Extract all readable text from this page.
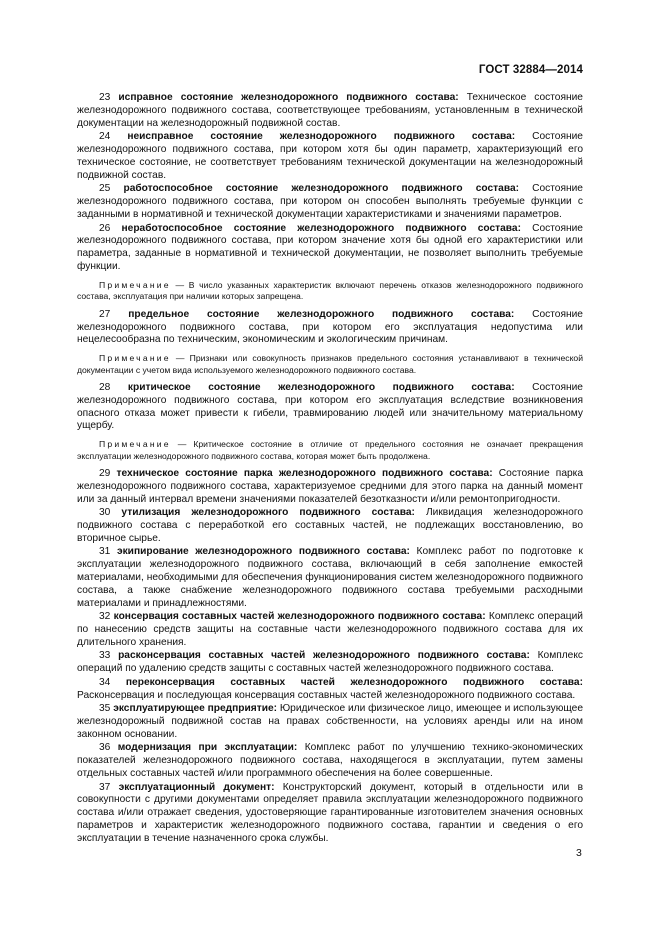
ГОСТ 32884—2014

23 исправное состояние железнодорожного подвижного состава: Техническое состояние железнодорожного подвижного состава, соответствующее требованиям, установленным в технической документации на железнодорожный подвижной состав.

24 неисправное состояние железнодорожного подвижного состава: Состояние железнодорожного подвижного состава, при котором хотя бы один параметр, характеризующий его техническое состояние, не соответствует требованиям технической документации на железнодорожный подвижной состав.

25 работоспособное состояние железнодорожного подвижного состава: Состояние железнодорожного подвижного состава, при котором он способен выполнять требуемые функции с заданными в нормативной и технической документации характеристиками и значениями параметров.

26 неработоспособное состояние железнодорожного подвижного состава: Состояние железнодорожного подвижного состава, при котором значение хотя бы одной его характеристики или параметра, заданные в нормативной и технической документации, не позволяет выполнить требуемые функции.

Примечание — В число указанных характеристик включают перечень отказов железнодорожного подвижного состава, эксплуатация при наличии которых запрещена.

27 предельное состояние железнодорожного подвижного состава: Состояние железнодорожного подвижного состава, при котором его эксплуатация недопустима или нецелесообразна по техническим, экономическим и экологическим причинам.

Примечание — Признаки или совокупность признаков предельного состояния устанавливают в технической документации с учетом вида используемого железнодорожного подвижного состава.

28 критическое состояние железнодорожного подвижного состава: Состояние железнодорожного подвижного состава, при котором его эксплуатация вследствие возникновения опасного отказа может привести к гибели, травмированию людей или значительному материальному ущербу.

Примечание — Критическое состояние в отличие от предельного состояния не означает прекращения эксплуатации железнодорожного подвижного состава, которая может быть продолжена.

29 техническое состояние парка железнодорожного подвижного состава: Состояние парка железнодорожного подвижного состава, характеризуемое средними для этого парка на данный момент или за данный интервал времени значениями показателей безотказности и/или ремонтопригодности.

30 утилизация железнодорожного подвижного состава: Ликвидация железнодорожного подвижного состава с переработкой его составных частей, не подлежащих восстановлению, во вторичное сырье.

31 экипирование железнодорожного подвижного состава: Комплекс работ по подготовке к эксплуатации железнодорожного подвижного состава, включающий в себя заполнение емкостей материалами, необходимыми для обеспечения функционирования систем железнодорожного подвижного состава, а также снабжение железнодорожного подвижного состава требуемыми расходными материалами и принадлежностями.

32 консервация составных частей железнодорожного подвижного состава: Комплекс операций по нанесению средств защиты на составные части железнодорожного подвижного состава для их длительного хранения.

33 расконсервация составных частей железнодорожного подвижного состава: Комплекс операций по удалению средств защиты с составных частей железнодорожного подвижного состава.

34 переконсервация составных частей железнодорожного подвижного состава: Расконсервация и последующая консервация составных частей железнодорожного подвижного состава.

35 эксплуатирующее предприятие: Юридическое или физическое лицо, имеющее и использующее железнодорожный подвижной состав на правах собственности, на условиях аренды или на ином законном основании.

36 модернизация при эксплуатации: Комплекс работ по улучшению технико-экономических показателей железнодорожного подвижного состава, находящегося в эксплуатации, путем замены отдельных составных частей и/или программного обеспечения на более совершенные.

37 эксплуатационный документ: Конструкторский документ, который в отдельности или в совокупности с другими документами определяет правила эксплуатации железнодорожного подвижного состава и/или отражает сведения, удостоверяющие гарантированные изготовителем значения основных параметров и характеристик железнодорожного подвижного состава, гарантии и сведения о его эксплуатации в течение назначенного срока службы.

3
